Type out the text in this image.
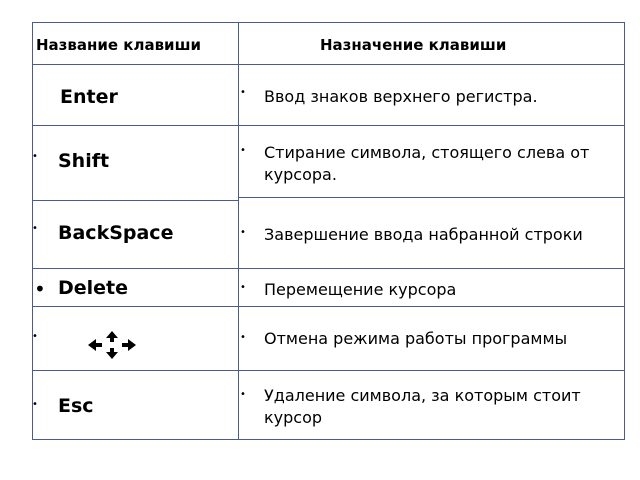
Название клавиши	Назначение клавиши
Enter
• Shift
• BackSpace
• Delete
•
• Esc
• Ввод знаков верхнего регистра.
• Стирание символа, стоящего слева от курсора.
• Завершение ввода набранной строки
• Перемещение курсора
• Отмена режима работы программы
• Удаление символа, за которым стоит курсор
